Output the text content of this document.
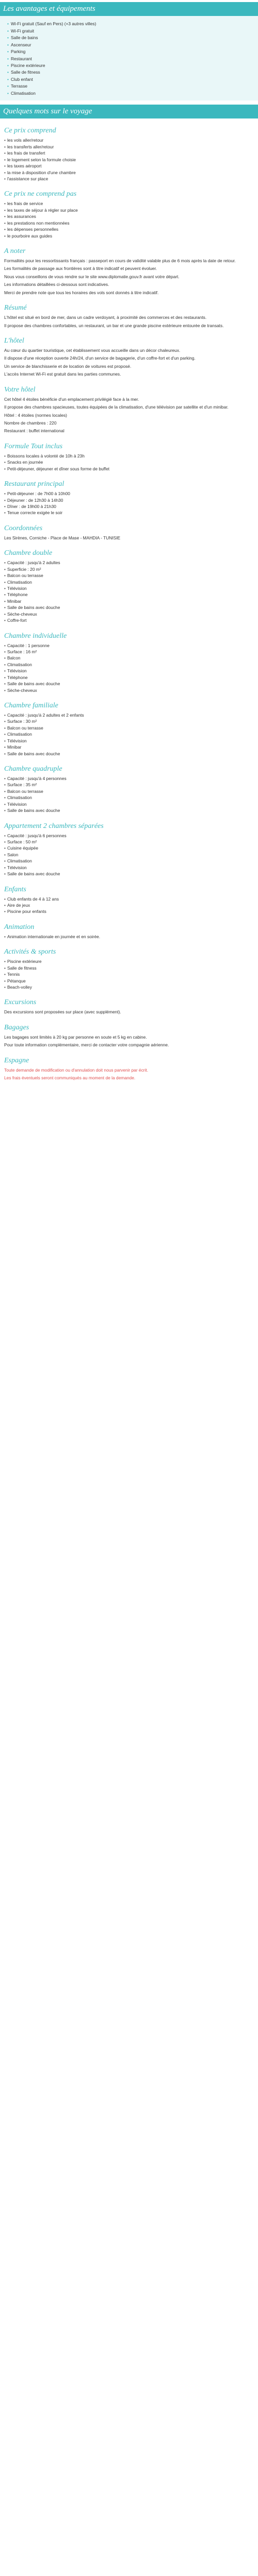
Les avantages et équipements
• Wi-Fi gratuit (Sauf en Pers) (+3 autres villes)
• Wi-Fi gratuit
• Salle de bains
• Ascenseur
• Parking
• Restaurant
• Piscine extérieure
• Salle de fitness
• Club enfant
• Terrasse
• Climatisation
Quelques mots sur le voyage
Ce prix comprend
• les vols aller/retour
• les transferts aller/retour
• les frais de transfert
• le logement selon la formule choisie
• les taxes aéroport
• la mise à disposition d'une chambre
• l'assistance sur place
Ce prix ne comprend pas
• les frais de service
• les taxes de séjour à régler sur place
• les assurances
• les prestations non mentionnées
• les dépenses personnelles
• le pourboire aux guides
A noter
Formalités pour les ressortissants français : passeport en cours de validité valable plus de 6 mois après la date de retour.
Les formalités de passage aux frontières sont à titre indicatif et peuvent évoluer.
Nous vous conseillons de vous rendre sur le site www.diplomatie.gouv.fr avant votre départ.
Les informations détaillées ci-dessous sont indicatives.
Merci de prendre note que tous les horaires des vols sont donnés à titre indicatif.
Résumé
L'hôtel est situé en bord de mer, dans un cadre verdoyant, à proximité des commerces et des restaurants.
Il propose des chambres confortables, un restaurant, un bar et une grande piscine extérieure entourée de transats.
L'hôtel
Au cœur du quartier touristique, cet établissement vous accueille dans un décor chaleureux.
Il dispose d'une réception ouverte 24h/24, d'un service de bagagerie, d'un coffre-fort et d'un parking.
Un service de blanchisserie et de location de voitures est proposé.
L'accès Internet Wi-Fi est gratuit dans les parties communes.
Votre hôtel
Cet hôtel 4 étoiles bénéficie d'un emplacement privilégié face à la mer.
Il propose des chambres spacieuses, toutes équipées de la climatisation, d'une télévision par satellite et d'un minibar.
Hôtel : 4 étoiles (normes locales)
Nombre de chambres : 220
Restaurant : buffet international
Formule Tout inclus
• Boissons locales à volonté de 10h à 23h
• Snacks en journée
• Petit-déjeuner, déjeuner et dîner sous forme de buffet
Restaurant principal
• Petit-déjeuner : de 7h00 à 10h00
• Déjeuner : de 12h30 à 14h30
• Dîner : de 19h00 à 21h30
• Tenue correcte exigée le soir
Coordonnées
Les Sirènes, Corniche - Place de Mase - MAHDIA - TUNISIE
Chambre double
• Capacité : jusqu'à 2 adultes
• Superficie : 20 m²
• Balcon ou terrasse
• Climatisation
• Télévision
• Téléphone
• Minibar
• Salle de bains avec douche
• Sèche-cheveux
• Coffre-fort
Chambre individuelle
• Capacité : 1 personne
• Surface : 16 m²
• Balcon
• Climatisation
• Télévision
• Téléphone
• Salle de bains avec douche
• Sèche-cheveux
Chambre familiale
• Capacité : jusqu'à 2 adultes et 2 enfants
• Surface : 30 m²
• Balcon ou terrasse
• Climatisation
• Télévision
• Minibar
• Salle de bains avec douche
Chambre quadruple
• Capacité : jusqu'à 4 personnes
• Surface : 35 m²
• Balcon ou terrasse
• Climatisation
• Télévision
• Salle de bains avec douche
Appartement 2 chambres séparées
• Capacité : jusqu'à 6 personnes
• Surface : 50 m²
• Cuisine équipée
• Salon
• Climatisation
• Télévision
• Salle de bains avec douche
Enfants
• Club enfants de 4 à 12 ans
• Aire de jeux
• Piscine pour enfants
Animation
• Animation internationale en journée et en soirée.
Activités & sports
• Piscine extérieure
• Salle de fitness
• Tennis
• Pétanque
• Beach-volley
Excursions
Des excursions sont proposées sur place (avec supplément).
Bagages
Les bagages sont limités à 20 kg par personne en soute et 5 kg en cabine.
Pour toute information complémentaire, merci de contacter votre compagnie aérienne.
Espagne
Toute demande de modification ou d'annulation doit nous parvenir par écrit.
Les frais éventuels seront communiqués au moment de la demande.
